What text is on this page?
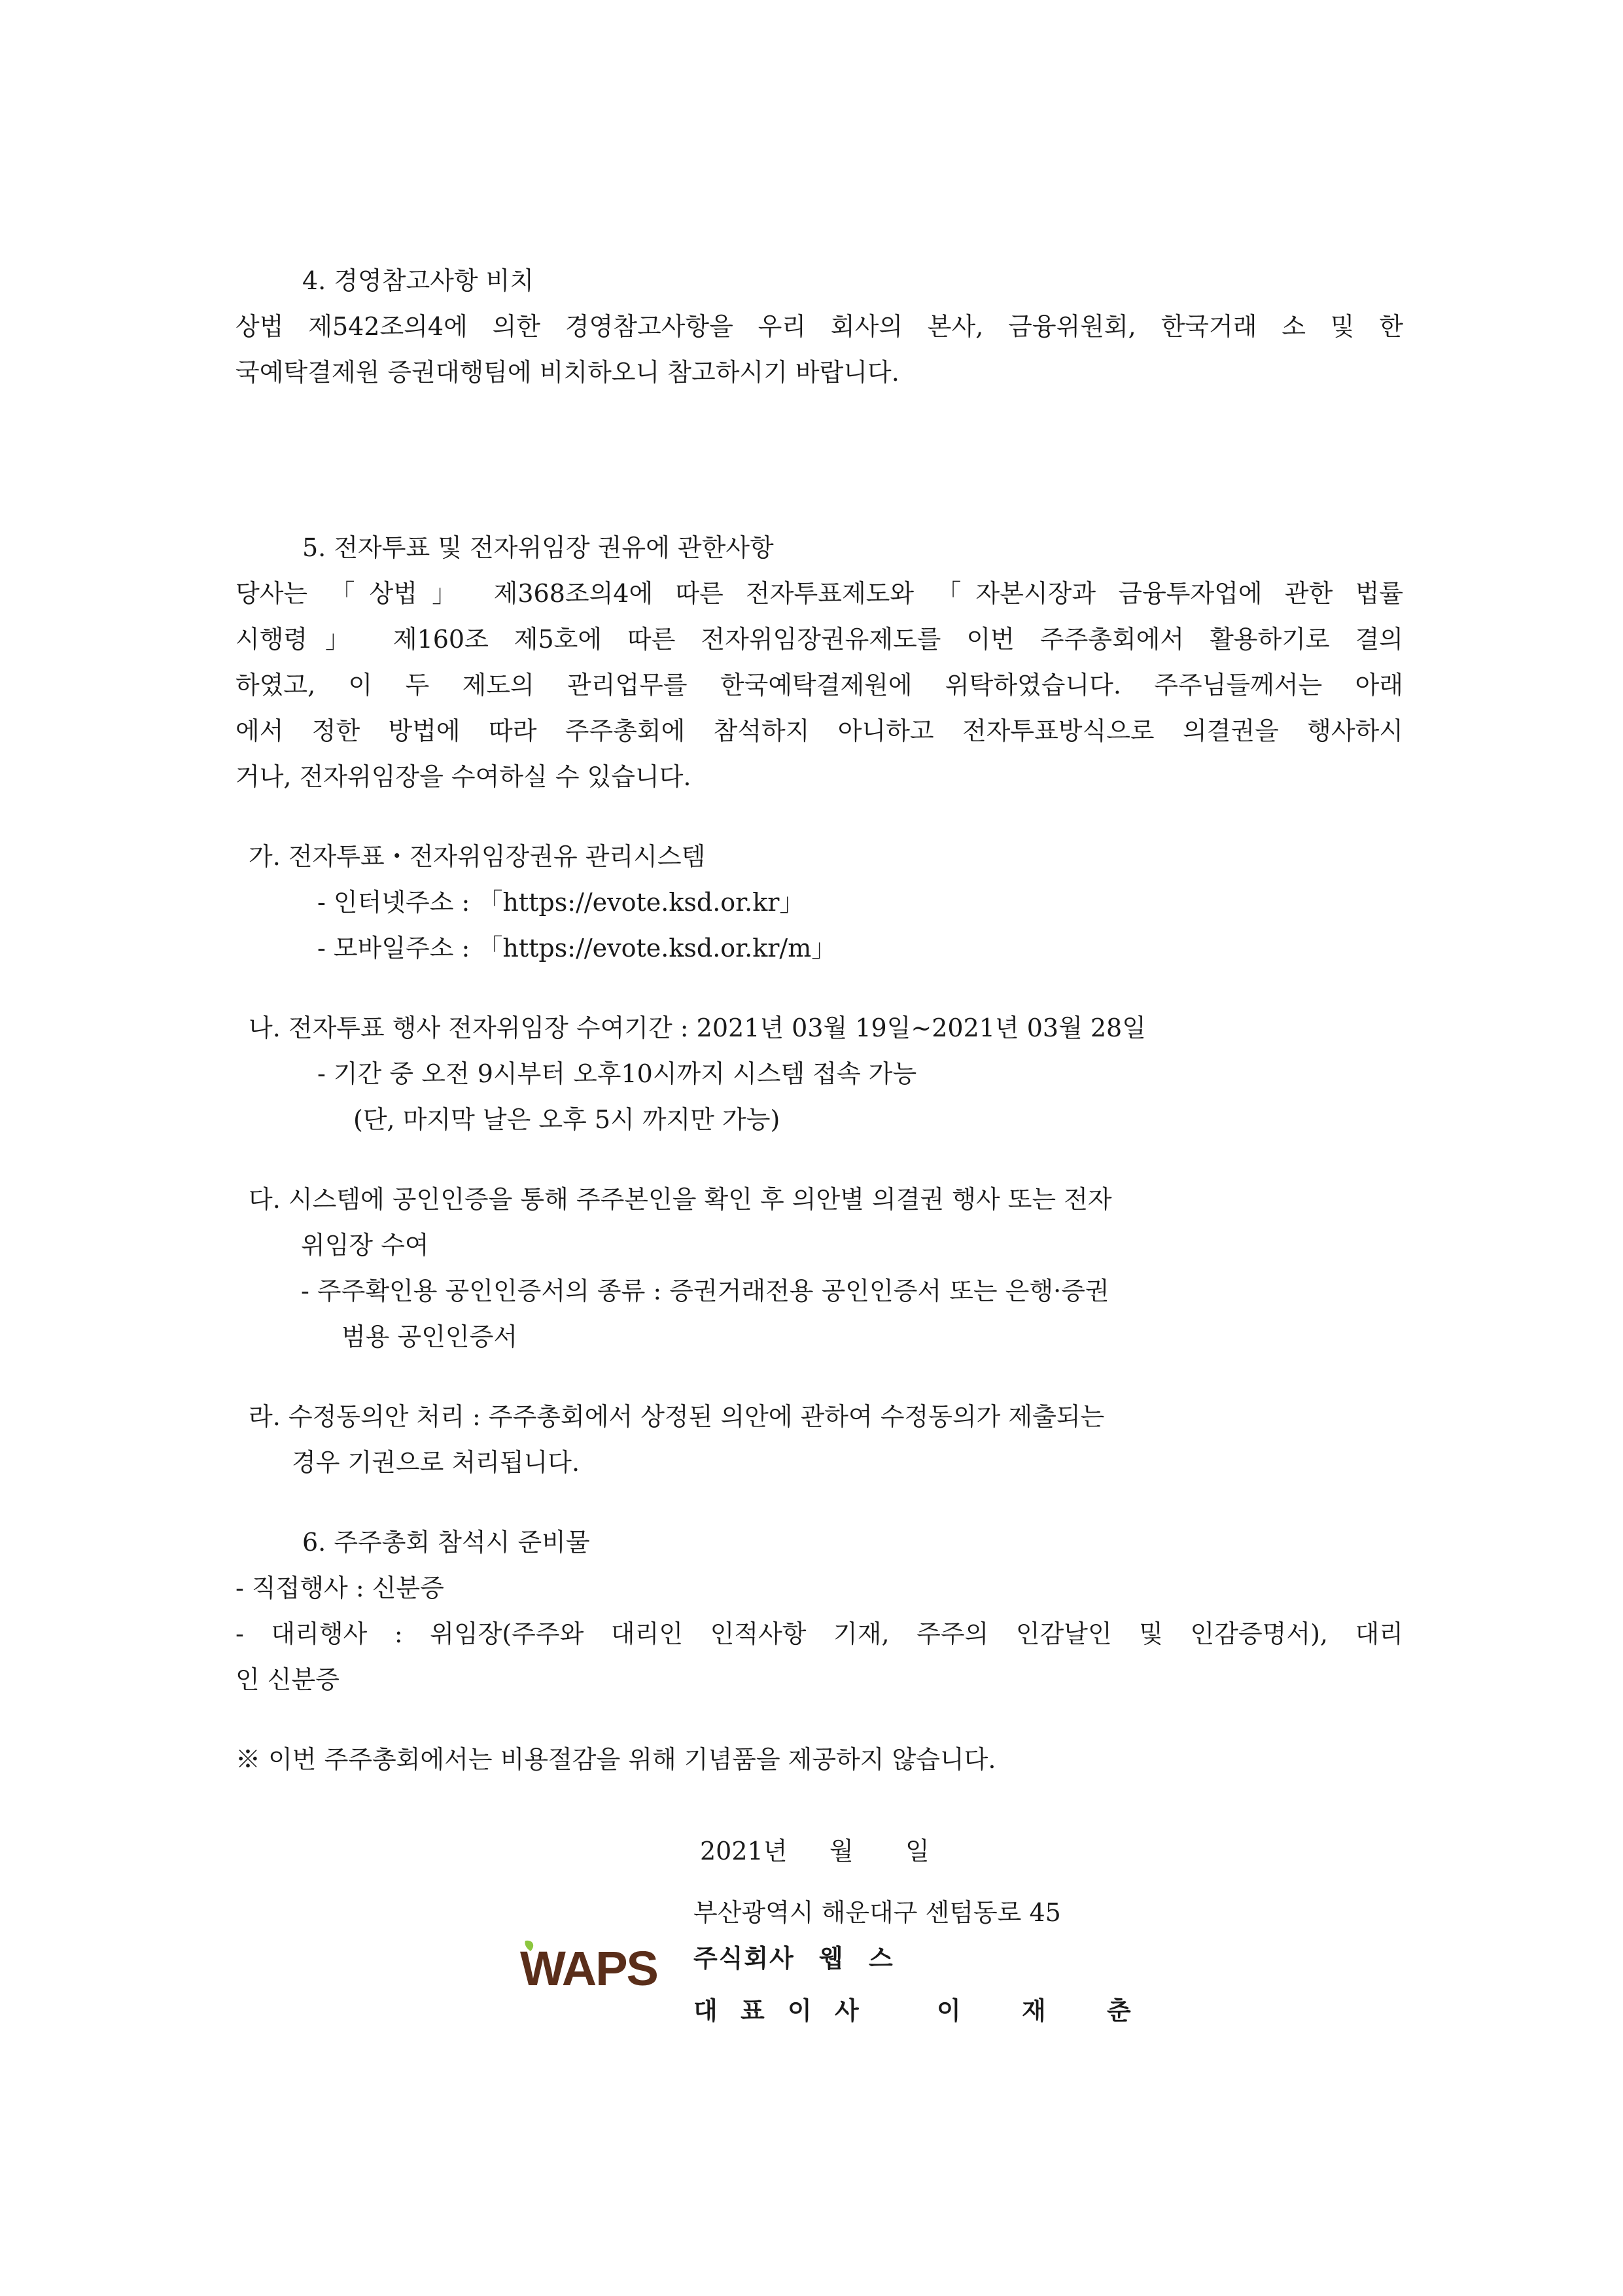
4. 경영참고사항 비치
상법 제542조의4에 의한 경영참고사항을 우리 회사의 본사, 금융위원회, 한국거래 소 및 한
국예탁결제원 증권대행팀에 비치하오니 참고하시기 바랍니다.
5. 전자투표 및 전자위임장 권유에 관한사항
당사는 「상법」 제368조의4에 따른 전자투표제도와 「자본시장과 금융투자업에 관한 법률
시행령」 제160조 제5호에 따른 전자위임장권유제도를 이번 주주총회에서 활용하기로 결의
하였고, 이 두 제도의 관리업무를 한국예탁결제원에 위탁하였습니다. 주주님들께서는 아래
에서 정한 방법에 따라 주주총회에 참석하지 아니하고 전자투표방식으로 의결권을 행사하시
거나, 전자위임장을 수여하실 수 있습니다.
가. 전자투표・전자위임장권유 관리시스템
- 인터넷주소 : 「https://evote.ksd.or.kr」
- 모바일주소 : 「https://evote.ksd.or.kr/m」
나. 전자투표 행사 전자위임장 수여기간 : 2021년 03월 19일~2021년 03월 28일
- 기간 중 오전 9시부터 오후10시까지 시스템 접속 가능
(단, 마지막 날은 오후 5시 까지만 가능)
다. 시스템에 공인인증을 통해 주주본인을 확인 후 의안별 의결권 행사 또는 전자
위임장 수여
- 주주확인용 공인인증서의 종류 : 증권거래전용 공인인증서 또는 은행·증권
범용 공인인증서
라. 수정동의안 처리 : 주주총회에서 상정된 의안에 관하여 수정동의가 제출되는
경우 기권으로 처리됩니다.
6. 주주총회 참석시 준비물
- 직접행사 : 신분증
- 대리행사 : 위임장(주주와 대리인 인적사항 기재, 주주의 인감날인 및 인감증명서), 대리
인 신분증
※ 이번 주주총회에서는 비용절감을 위해 기념품을 제공하지 않습니다.
2021년 월 일
부산광역시 해운대구 센텀동로 45
주식회사 웹 스
대 표 이 사	이 재 춘
WAPS
